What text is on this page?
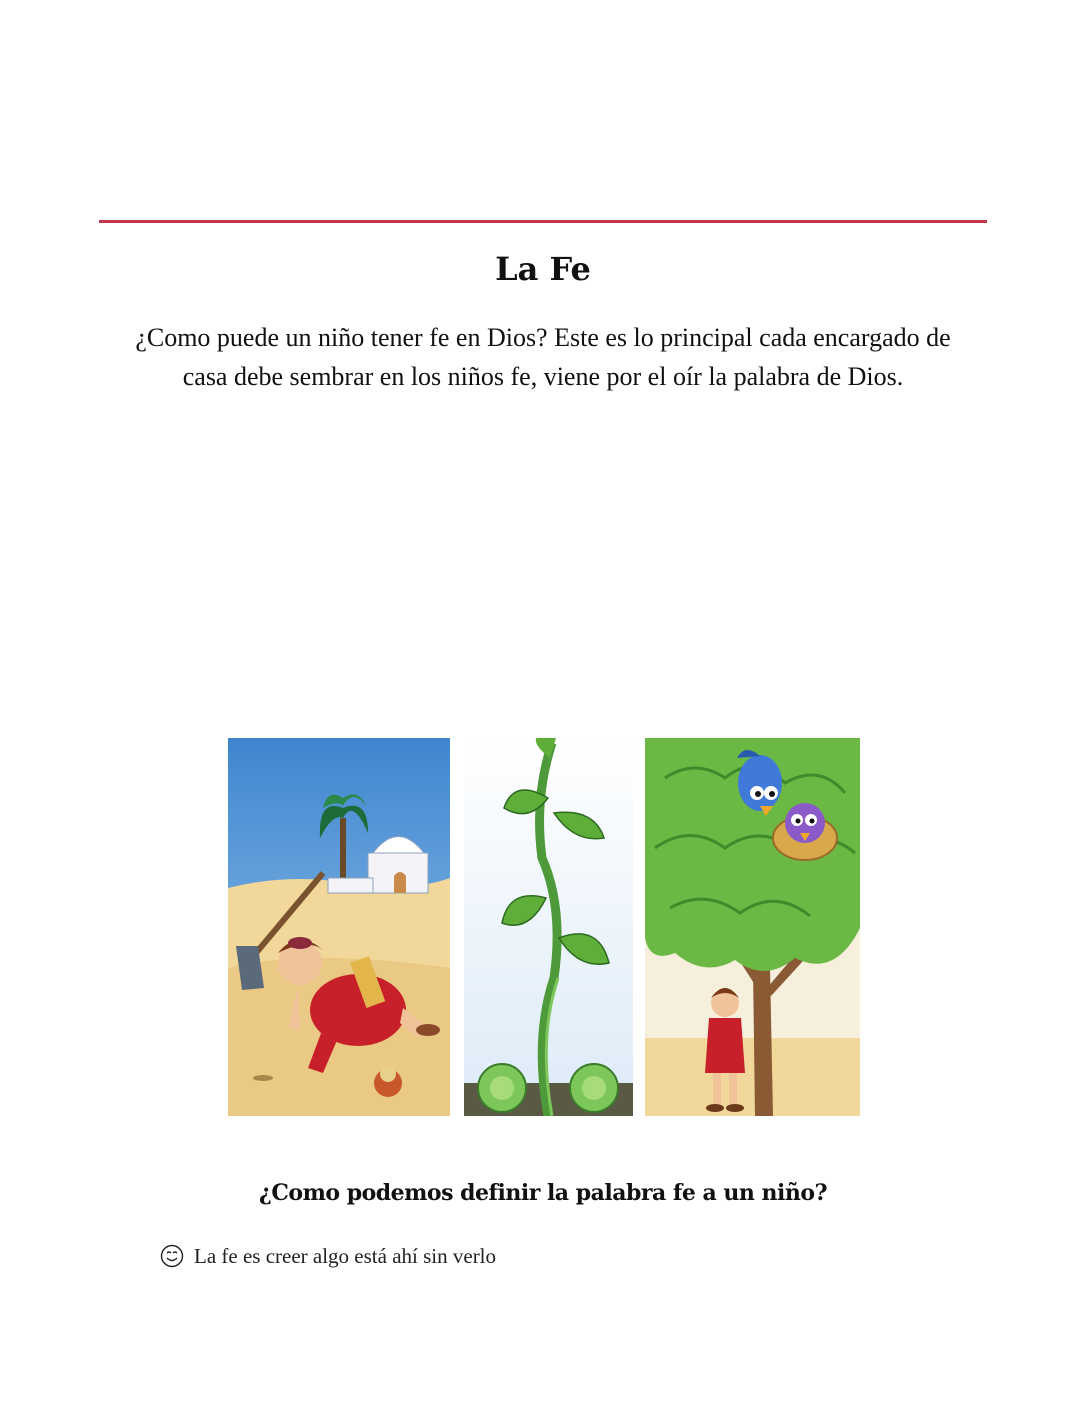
La Fe

¿Como puede un niño tener fe en Dios? Este es lo principal cada encargado de casa debe sembrar en los niños fe, viene por el oír la palabra de Dios.

¿Como podemos definir la palabra fe a un niño?
La fe es creer algo está ahí sin verlo
